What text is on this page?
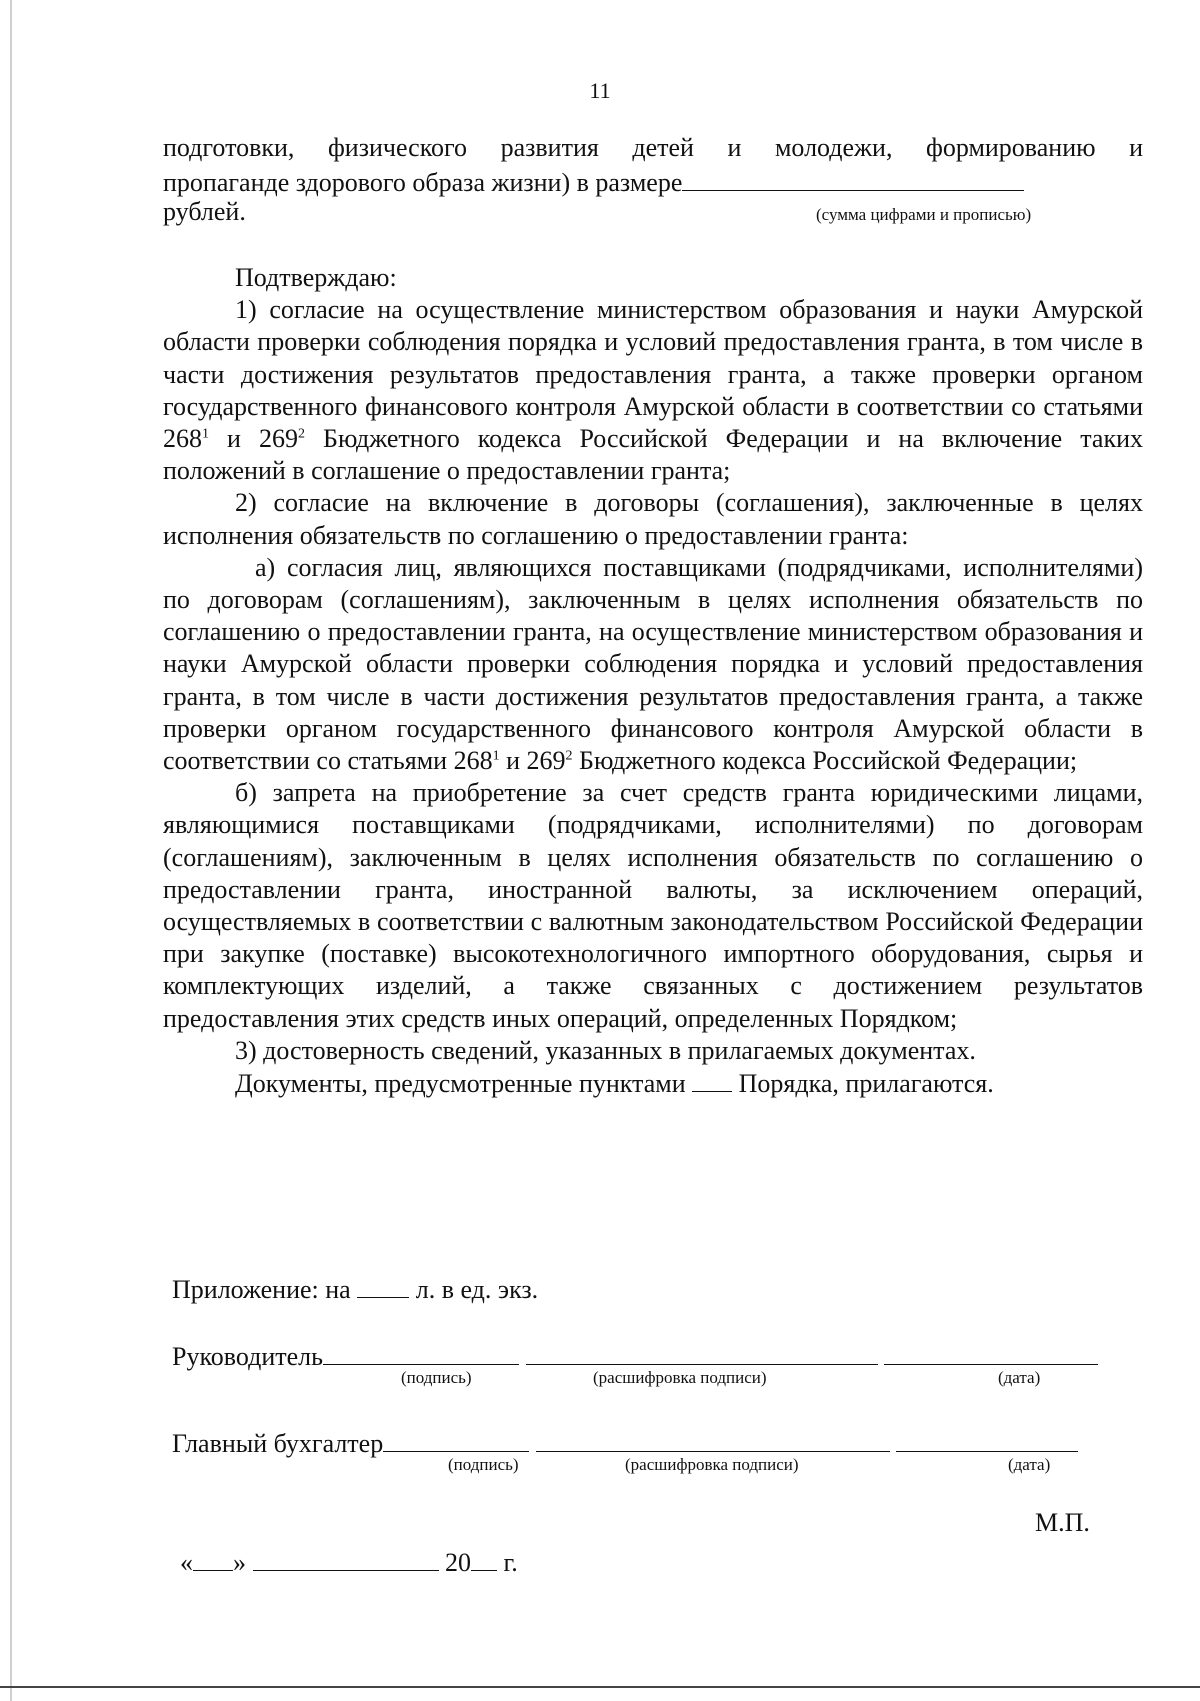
11
подготовки, физического развития детей и молодежи, формированию и
пропаганде здорового образа жизни) в размере
рублей.	(сумма цифрами и прописью)

Подтверждаю:

1) согласие на осуществление министерством образования и науки Амурской области проверки соблюдения порядка и условий предоставления гранта, в том числе в части достижения результатов предоставления гранта, а также проверки органом государственного финансового контроля Амурской области в соответствии со статьями $268^1$ и $269^2$ Бюджетного кодекса Российской Федерации и на включение таких положений в соглашение о предоставлении гранта;

2) согласие на включение в договоры (соглашения), заключенные в целях исполнения обязательств по соглашению о предоставлении гранта:

а) согласия лиц, являющихся поставщиками (подрядчиками, исполнителями) по договорам (соглашениям), заключенным в целях исполнения обязательств по соглашению о предоставлении гранта, на осуществление министерством образования и науки Амурской области проверки соблюдения порядка и условий предоставления гранта, в том числе в части достижения результатов предоставления гранта, а также проверки органом государственного финансового контроля Амурской области в соответствии со статьями $268^1$ и $269^2$ Бюджетного кодекса Российской Федерации;

б) запрета на приобретение за счет средств гранта юридическими лицами, являющимися поставщиками (подрядчиками, исполнителями) по договорам (соглашениям), заключенным в целях исполнения обязательств по соглашению о предоставлении гранта, иностранной валюты, за исключением операций, осуществляемых в соответствии с валютным законодательством Российской Федерации при закупке (поставке) высокотехнологичного импортного оборудования, сырья и комплектующих изделий, а также связанных с достижением результатов предоставления этих средств иных операций, определенных Порядком;

3) достоверность сведений, указанных в прилагаемых документах.

Документы, предусмотренные пунктами Порядка, прилагаются.

Приложение: на	л. в ед. экз.
Руководитель
(подпись)	(расшифровка подписи)	(дата)
Главный бухгалтер
(подпись)	(расшифровка подписи)	(дата)
М.П.
« »	20 г.
